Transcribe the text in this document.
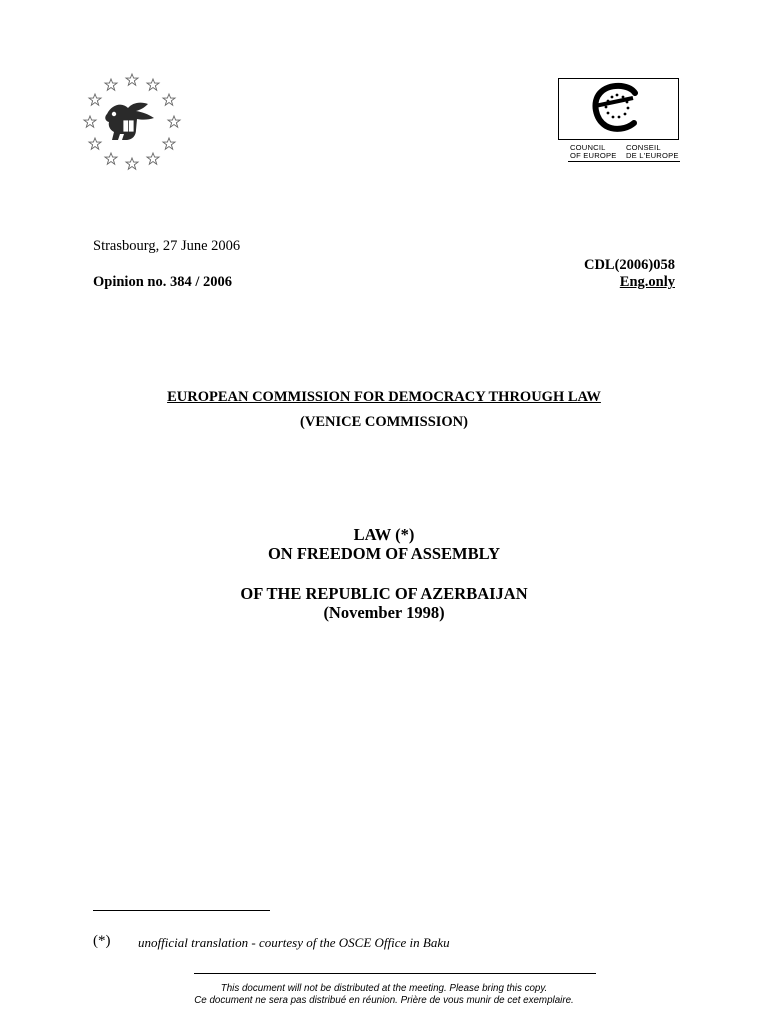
COUNCIL
OF EUROPE
CONSEIL
DE L'EUROPE
Strasbourg, 27 June 2006
CDL(2006)058
Opinion no. 384 / 2006	Eng.only
EUROPEAN COMMISSION FOR DEMOCRACY THROUGH LAW
(VENICE COMMISSION)
LAW (*)
ON FREEDOM OF ASSEMBLY
OF THE REPUBLIC OF AZERBAIJAN
(November 1998)
(*) unofficial translation - courtesy of the OSCE Office in Baku
This document will not be distributed at the meeting. Please bring this copy.
Ce document ne sera pas distribué en réunion. Prière de vous munir de cet exemplaire.
